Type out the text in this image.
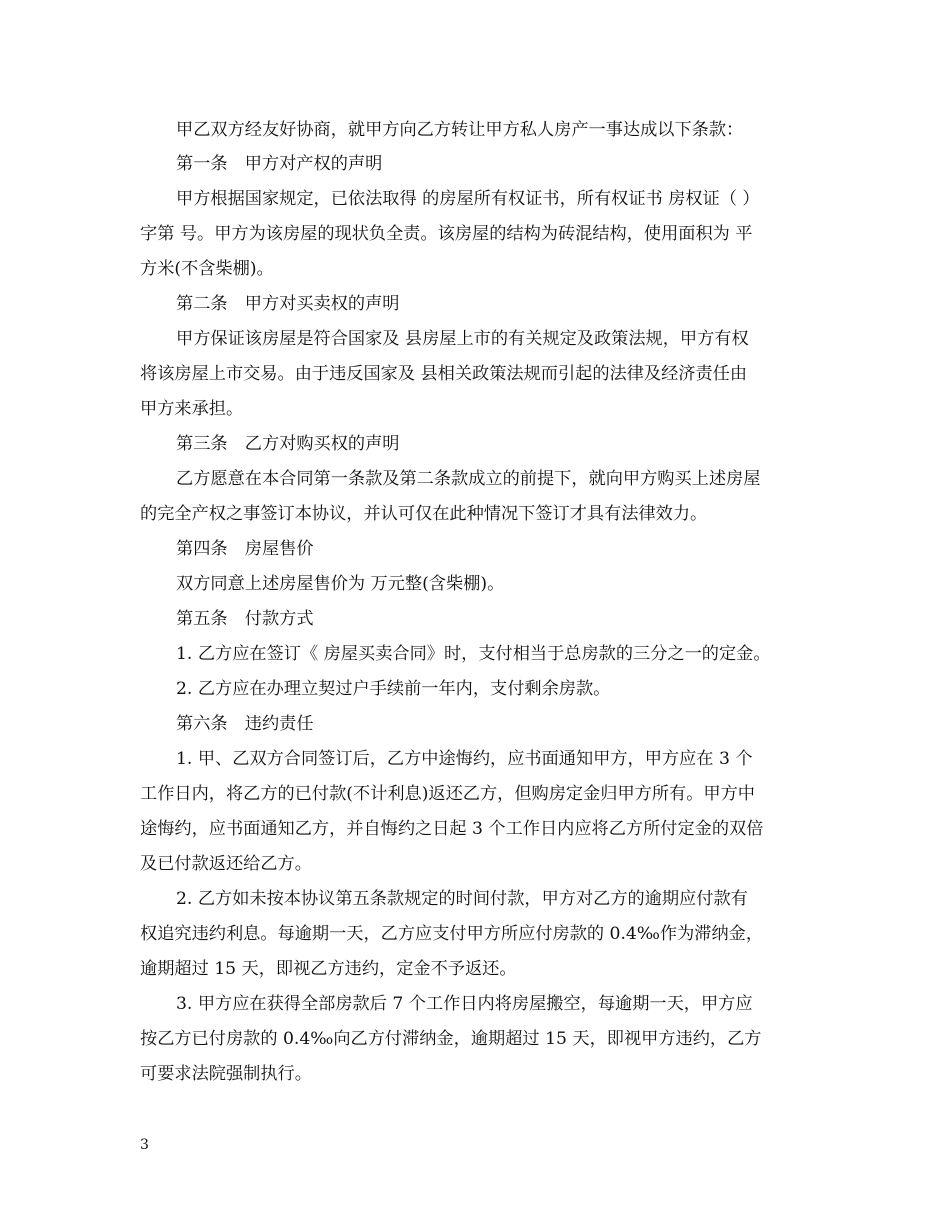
甲乙双方经友好协商，就甲方向乙方转让甲方私人房产一事达成以下条款：
第一条　甲方对产权的声明
甲方根据国家规定，已依法取得 的房屋所有权证书，所有权证书 房权证（ ）
字第 号。甲方为该房屋的现状负全责。该房屋的结构为砖混结构，使用面积为 平
方米(不含柴棚)。
第二条　甲方对买卖权的声明
甲方保证该房屋是符合国家及 县房屋上市的有关规定及政策法规，甲方有权
将该房屋上市交易。由于违反国家及 县相关政策法规而引起的法律及经济责任由
甲方来承担。
第三条　乙方对购买权的声明
乙方愿意在本合同第一条款及第二条款成立的前提下，就向甲方购买上述房屋
的完全产权之事签订本协议，并认可仅在此种情况下签订才具有法律效力。
第四条　房屋售价
双方同意上述房屋售价为 万元整(含柴棚)。
第五条　付款方式
1. 乙方应在签订《 房屋买卖合同》时，支付相当于总房款的三分之一的定金。
2. 乙方应在办理立契过户手续前一年内，支付剩余房款。
第六条　违约责任
1. 甲、乙双方合同签订后，乙方中途悔约，应书面通知甲方，甲方应在 3 个
工作日内，将乙方的已付款(不计利息)返还乙方，但购房定金归甲方所有。甲方中
途悔约，应书面通知乙方，并自悔约之日起 3 个工作日内应将乙方所付定金的双倍
及已付款返还给乙方。
2. 乙方如未按本协议第五条款规定的时间付款，甲方对乙方的逾期应付款有
权追究违约利息。每逾期一天，乙方应支付甲方所应付房款的 0.4‰作为滞纳金，
逾期超过 15 天，即视乙方违约，定金不予返还。
3. 甲方应在获得全部房款后 7 个工作日内将房屋搬空，每逾期一天，甲方应
按乙方已付房款的 0.4‰向乙方付滞纳金，逾期超过 15 天，即视甲方违约，乙方
可要求法院强制执行。
3
